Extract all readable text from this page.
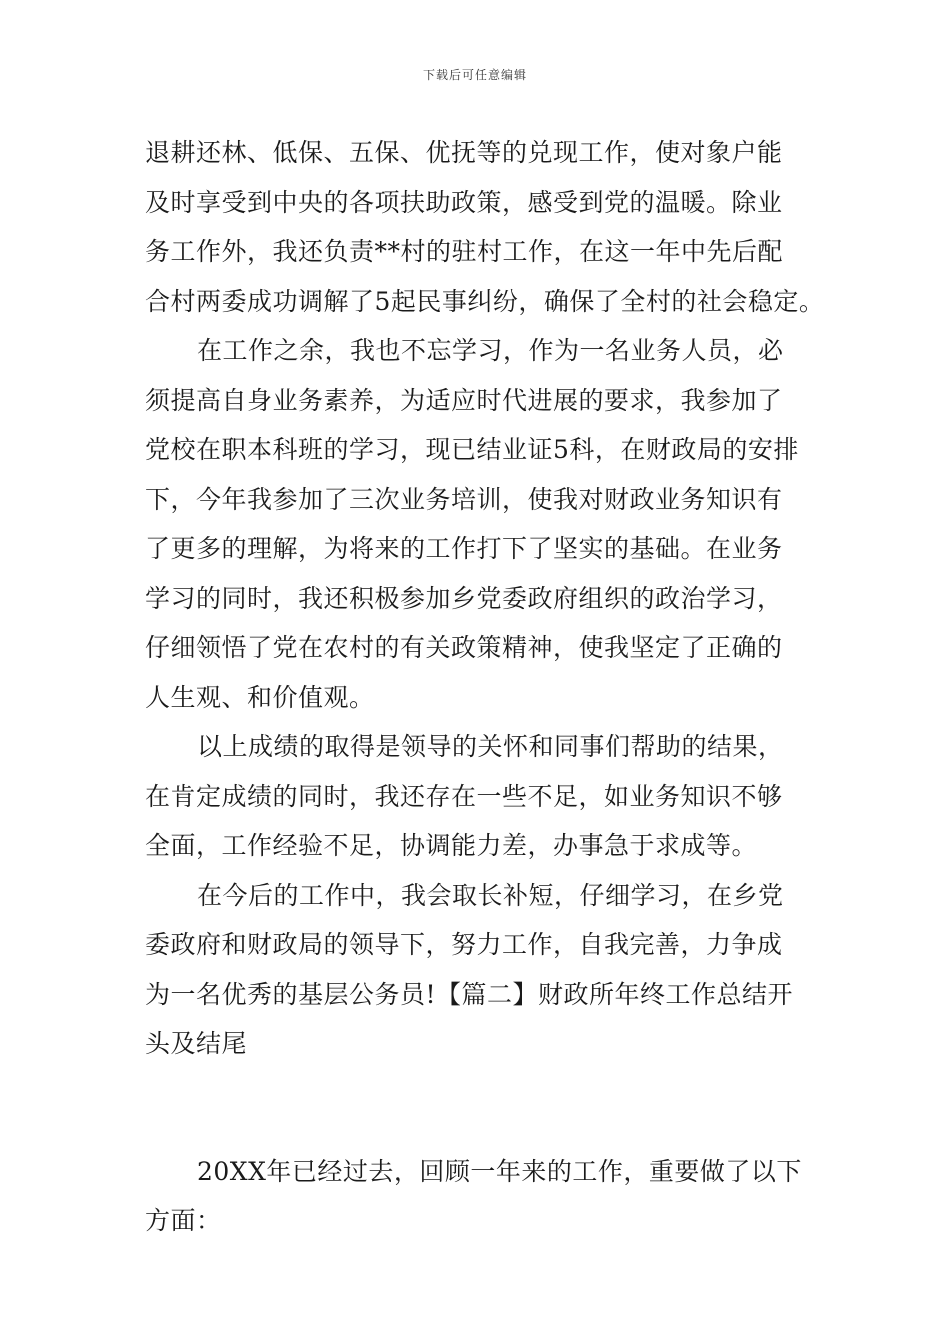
下载后可任意编辑
退耕还林、低保、五保、优抚等的兑现工作，使对象户能
及时享受到中央的各项扶助政策，感受到党的温暖。除业
务工作外，我还负责**村的驻村工作，在这一年中先后配
合村两委成功调解了5起民事纠纷，确保了全村的社会稳定。
在工作之余，我也不忘学习，作为一名业务人员，必
须提高自身业务素养，为适应时代进展的要求，我参加了
党校在职本科班的学习，现已结业证5科，在财政局的安排
下，今年我参加了三次业务培训，使我对财政业务知识有
了更多的理解，为将来的工作打下了坚实的基础。在业务
学习的同时，我还积极参加乡党委政府组织的政治学习，
仔细领悟了党在农村的有关政策精神，使我坚定了正确的
人生观、和价值观。
以上成绩的取得是领导的关怀和同事们帮助的结果，
在肯定成绩的同时，我还存在一些不足，如业务知识不够
全面，工作经验不足，协调能力差，办事急于求成等。
在今后的工作中，我会取长补短，仔细学习，在乡党
委政府和财政局的领导下，努力工作，自我完善，力争成
为一名优秀的基层公务员!【篇二】财政所年终工作总结开
头及结尾
20XX年已经过去，回顾一年来的工作，重要做了以下
方面：
